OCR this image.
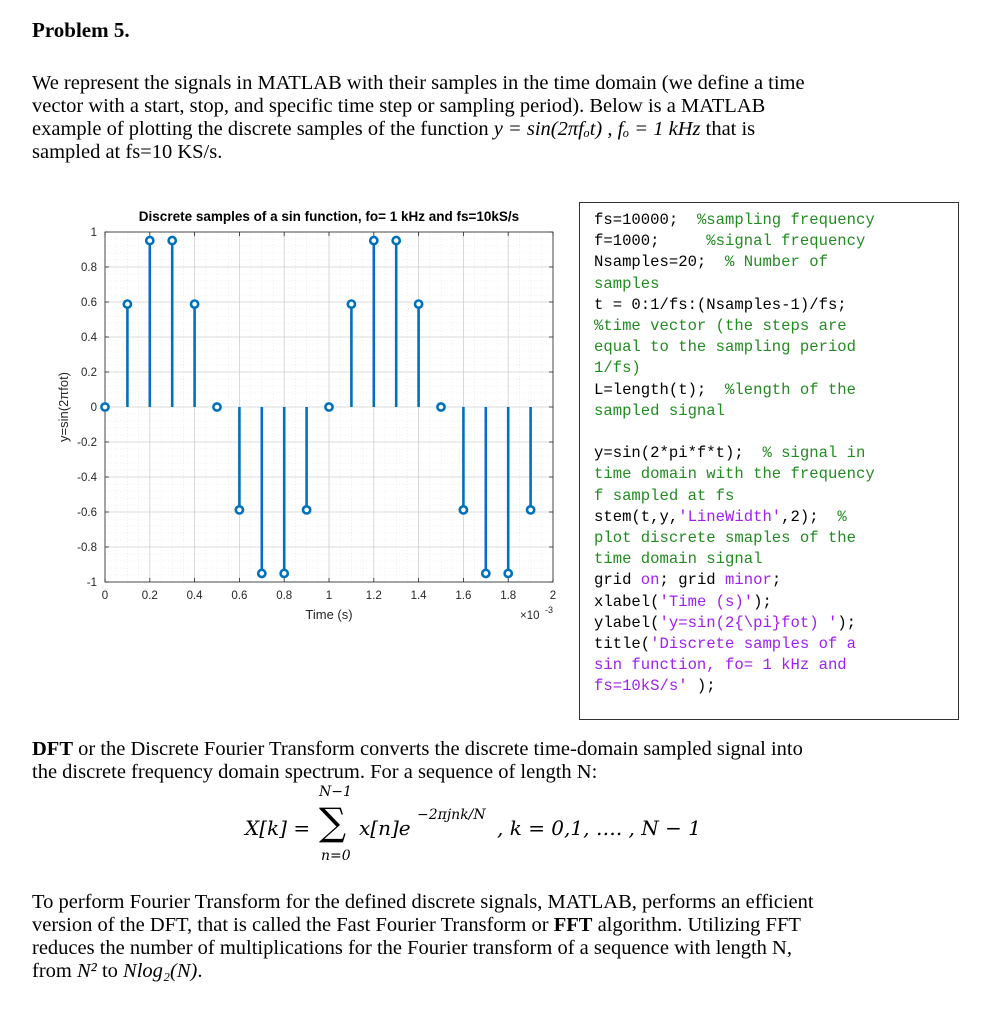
Problem 5.

We represent the signals in MATLAB with their samples in the time domain (we define a time

vector with a start, stop, and specific time step or sampling period). Below is a MATLAB

example of plotting the discrete samples of the function y = sin(2πfₒt) , fₒ = 1 kHz that is

sampled at fs=10 KS/s.

0	0.2	0.4	0.6	0.8	1	1.2	1.4	1.6	1.8	2
1
0.8
0.6
0.4
0.2
0
-0.2
-0.4
-0.6
-0.8
-1
Discrete samples of a sin function, fo= 1 kHz and fs=10kS/s
Time (s)	×10 -3
y=sin(2πfot)
fs=10000;  %sampling frequency
f=1000;     %signal frequency
Nsamples=20;  % Number of
samples
t = 0:1/fs:(Nsamples-1)/fs;
%time vector (the steps are
equal to the sampling period
1/fs)
L=length(t);  %length of the
sampled signal

y=sin(2*pi*f*t);  % signal in
time domain with the frequency
f sampled at fs
stem(t,y,'LineWidth',2);  %
plot discrete smaples of the
time domain signal
grid on; grid minor;
xlabel('Time (s)');
ylabel('y=sin(2{\pi}fot) ');
title('Discrete samples of a
sin function, fo= 1 kHz and
fs=10kS/s' );

DFT or the Discrete Fourier Transform converts the discrete time-domain sampled signal into

the discrete frequency domain spectrum. For a sequence of length N:

X[k] =
N−1
∑
n=0
x[n]e
−2πjnk/N
, k = 0,1, …. , N − 1

To perform Fourier Transform for the defined discrete signals, MATLAB, performs an efficient

version of the DFT, that is called the Fast Fourier Transform or FFT algorithm. Utilizing FFT

reduces the number of multiplications for the Fourier transform of a sequence with length N,

from N² to Nlog₂(N).
